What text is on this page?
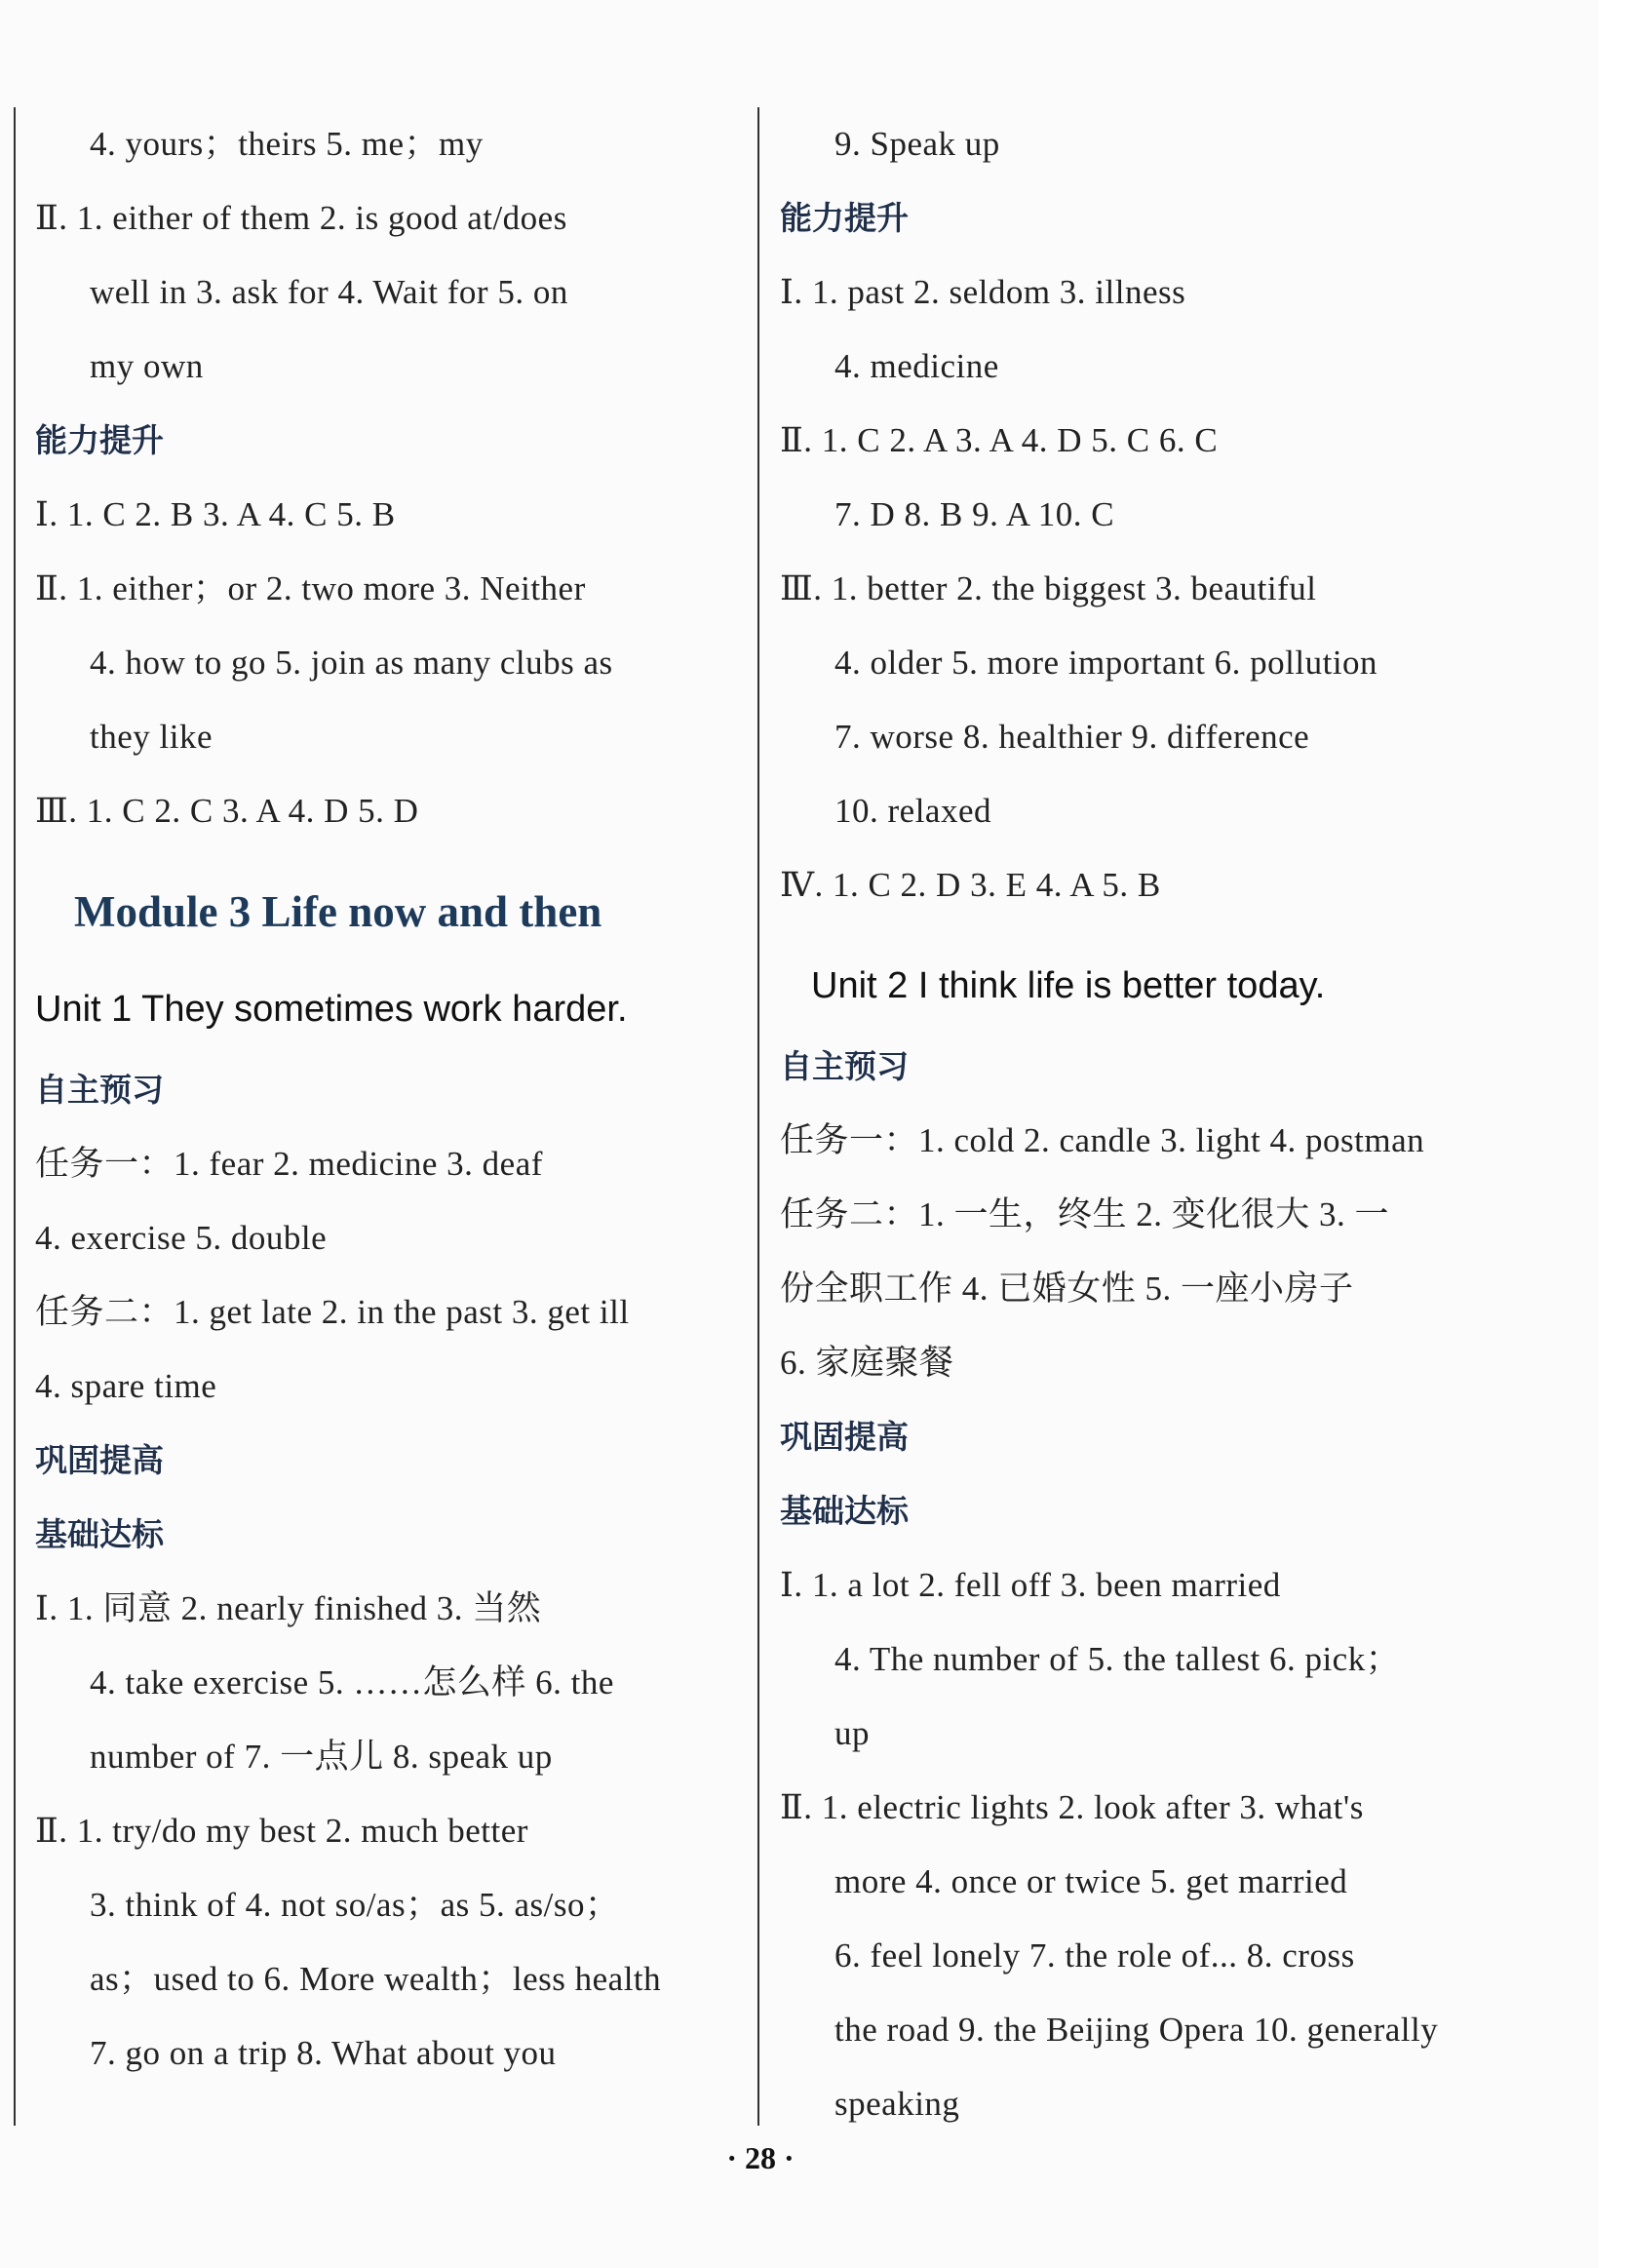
4. yours；theirs 5. me；my
Ⅱ. 1. either of them 2. is good at/does
well in 3. ask for 4. Wait for 5. on
my own
能力提升
Ⅰ. 1. C 2. B 3. A 4. C 5. B
Ⅱ. 1. either；or 2. two more 3. Neither
4. how to go 5. join as many clubs as
they like
Ⅲ. 1. C 2. C 3. A 4. D 5. D
Module 3 Life now and then
Unit 1 They sometimes work harder.
自主预习
任务一：1. fear 2. medicine 3. deaf
4. exercise 5. double
任务二：1. get late 2. in the past 3. get ill
4. spare time
巩固提高
基础达标
Ⅰ. 1. 同意 2. nearly finished 3. 当然
4. take exercise 5. ……怎么样 6. the
number of 7. 一点儿 8. speak up
Ⅱ. 1. try/do my best 2. much better
3. think of 4. not so/as；as 5. as/so；
as；used to 6. More wealth；less health
7. go on a trip 8. What about you
9. Speak up
能力提升
Ⅰ. 1. past 2. seldom 3. illness
4. medicine
Ⅱ. 1. C 2. A 3. A 4. D 5. C 6. C
7. D 8. B 9. A 10. C
Ⅲ. 1. better 2. the biggest 3. beautiful
4. older 5. more important 6. pollution
7. worse 8. healthier 9. difference
10. relaxed
Ⅳ. 1. C 2. D 3. E 4. A 5. B
Unit 2 I think life is better today.
自主预习
任务一：1. cold 2. candle 3. light 4. postman
任务二：1. 一生，终生 2. 变化很大 3. 一
份全职工作 4. 已婚女性 5. 一座小房子
6. 家庭聚餐
巩固提高
基础达标
Ⅰ. 1. a lot 2. fell off 3. been married
4. The number of 5. the tallest 6. pick；
up
Ⅱ. 1. electric lights 2. look after 3. what's
more 4. once or twice 5. get married
6. feel lonely 7. the role of... 8. cross
the road 9. the Beijing Opera 10. generally
speaking
· 28 ·
